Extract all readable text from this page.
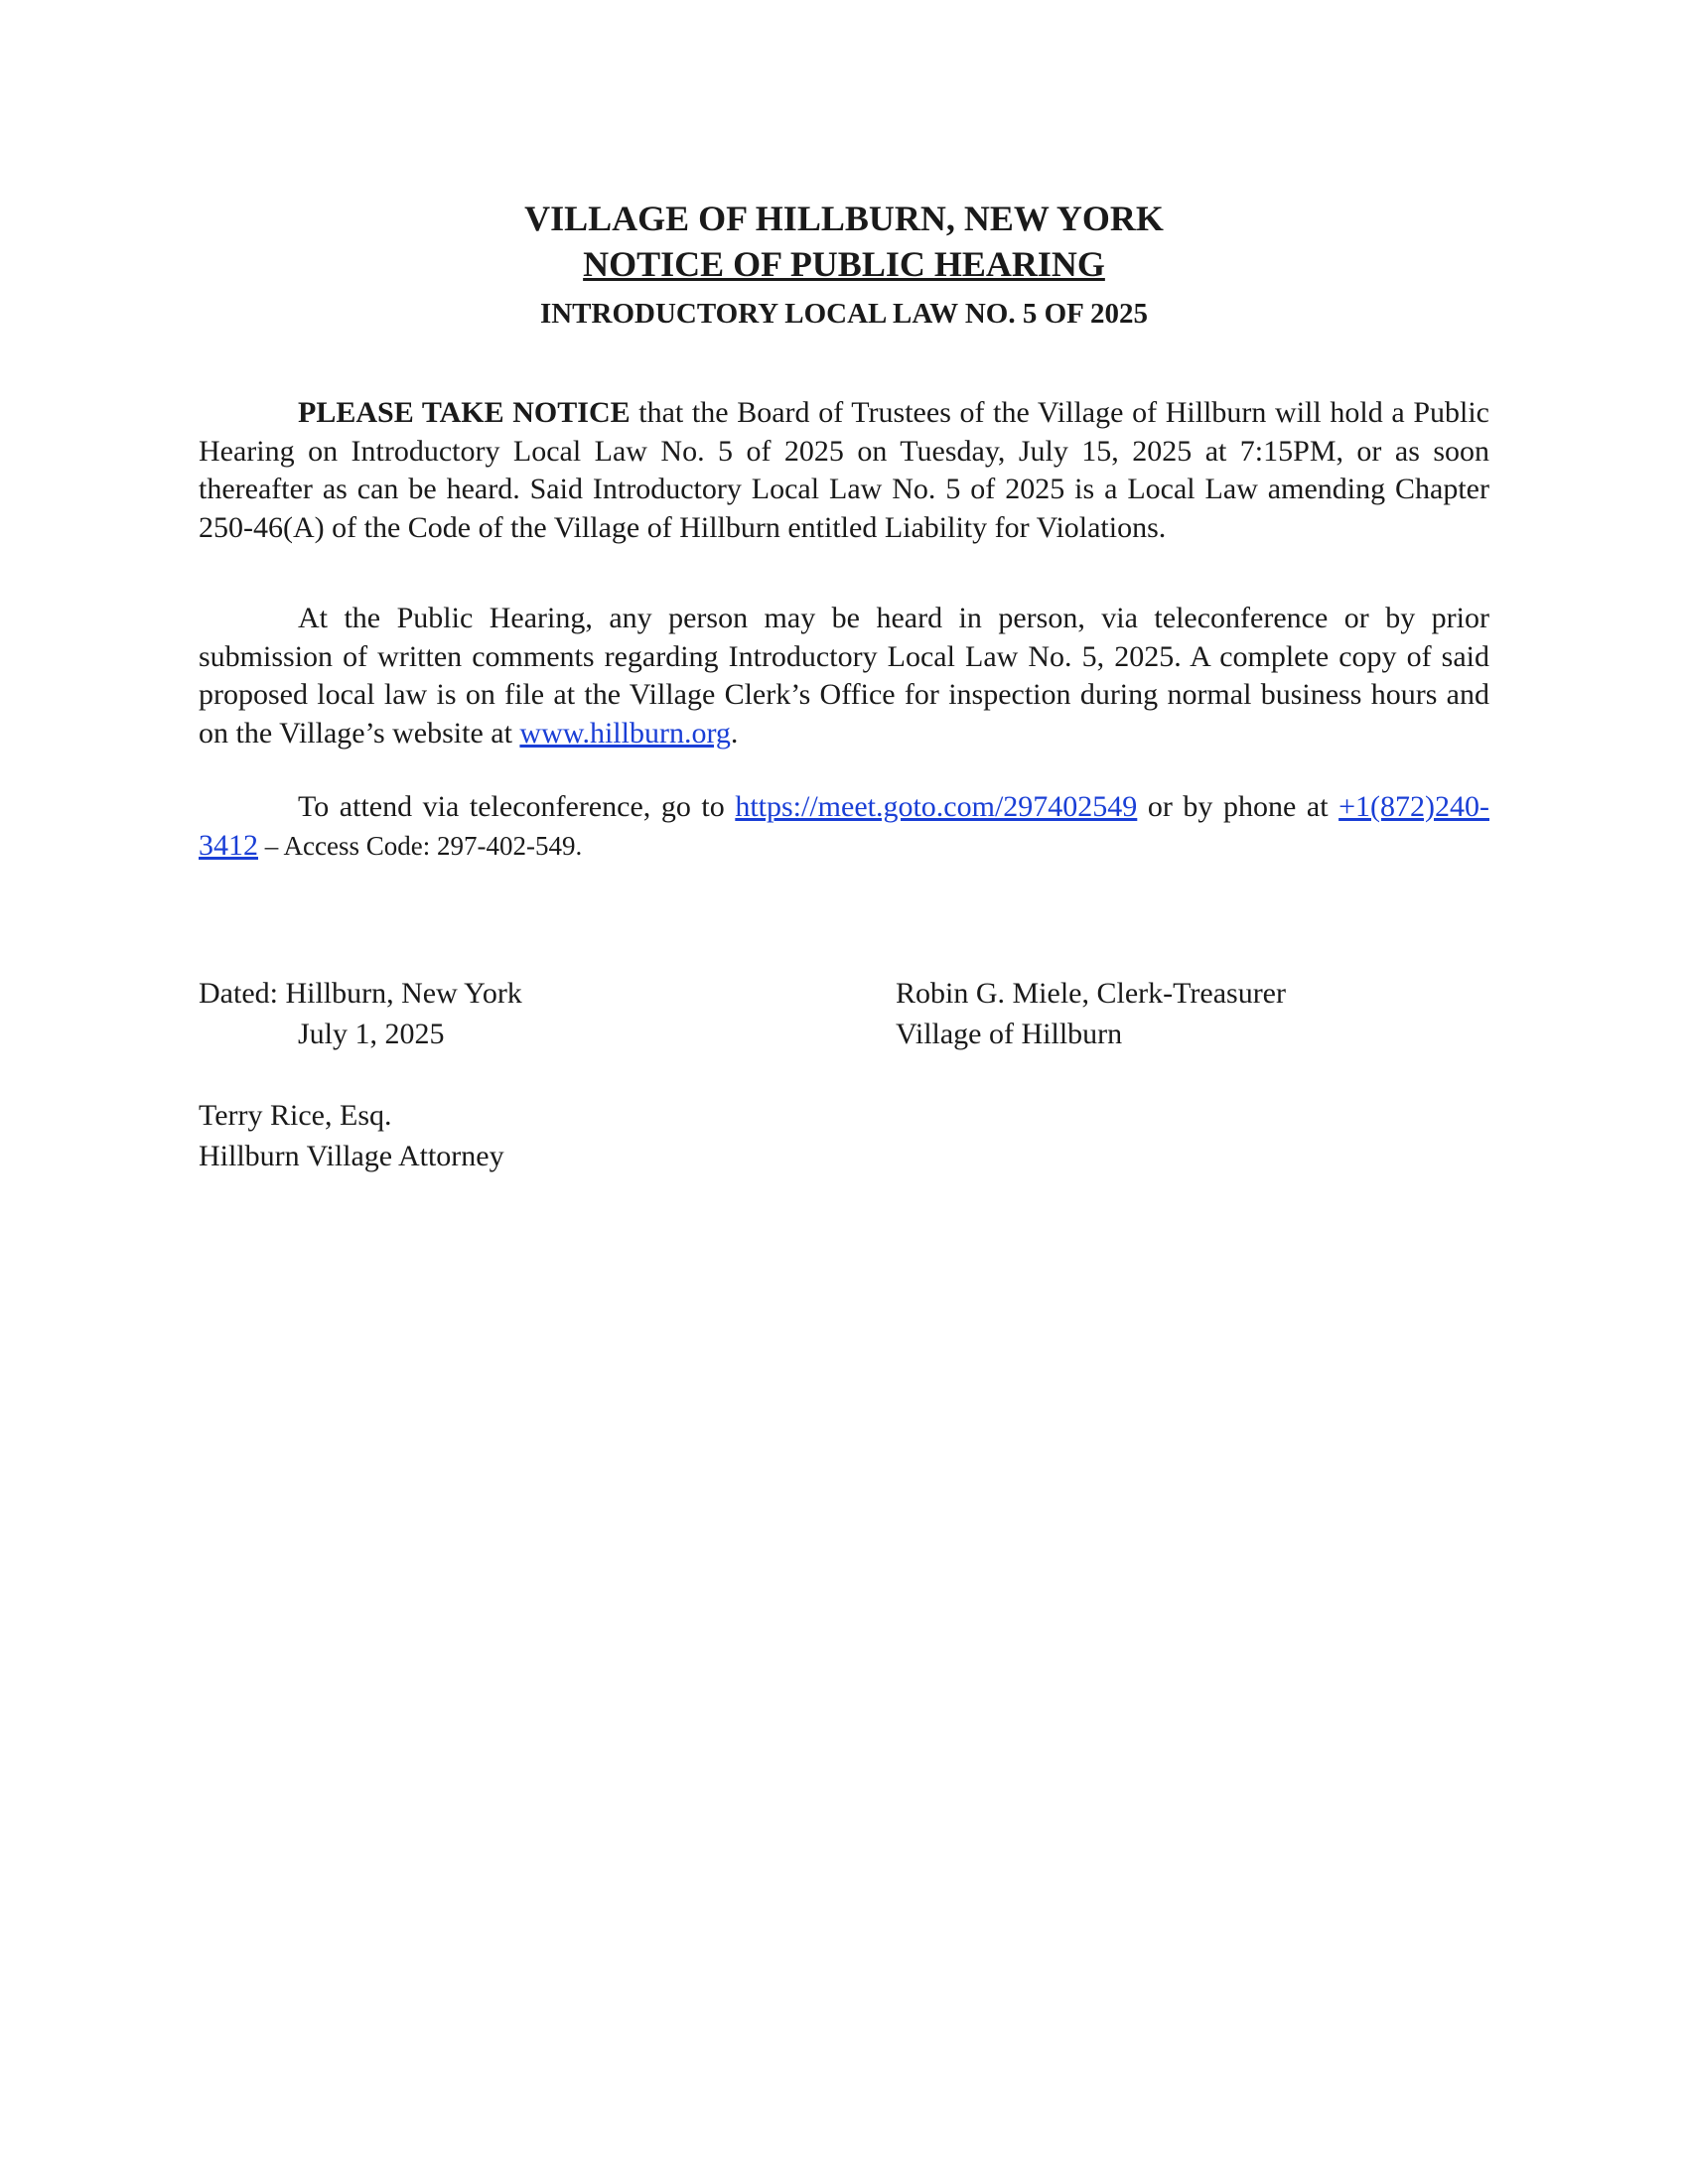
VILLAGE OF HILLBURN, NEW YORK
NOTICE OF PUBLIC HEARING
INTRODUCTORY LOCAL LAW NO. 5 OF 2025

PLEASE TAKE NOTICE that the Board of Trustees of the Village of Hillburn will hold a Public Hearing on Introductory Local Law No. 5 of 2025 on Tuesday, July 15, 2025 at 7:15PM, or as soon thereafter as can be heard. Said Introductory Local Law No. 5 of 2025 is a Local Law amending Chapter 250-46(A) of the Code of the Village of Hillburn entitled Liability for Violations.

At the Public Hearing, any person may be heard in person, via teleconference or by prior submission of written comments regarding Introductory Local Law No. 5, 2025. A complete copy of said proposed local law is on file at the Village Clerk’s Office for inspection during normal business hours and on the Village’s website at www.hillburn.org.

To attend via teleconference, go to https://meet.goto.com/297402549 or by phone at +1(872)240-3412 – Access Code: 297-402-549.

Dated: Hillburn, New York
July 1, 2025
Robin G. Miele, Clerk-Treasurer
Village of Hillburn
Terry Rice, Esq.
Hillburn Village Attorney
